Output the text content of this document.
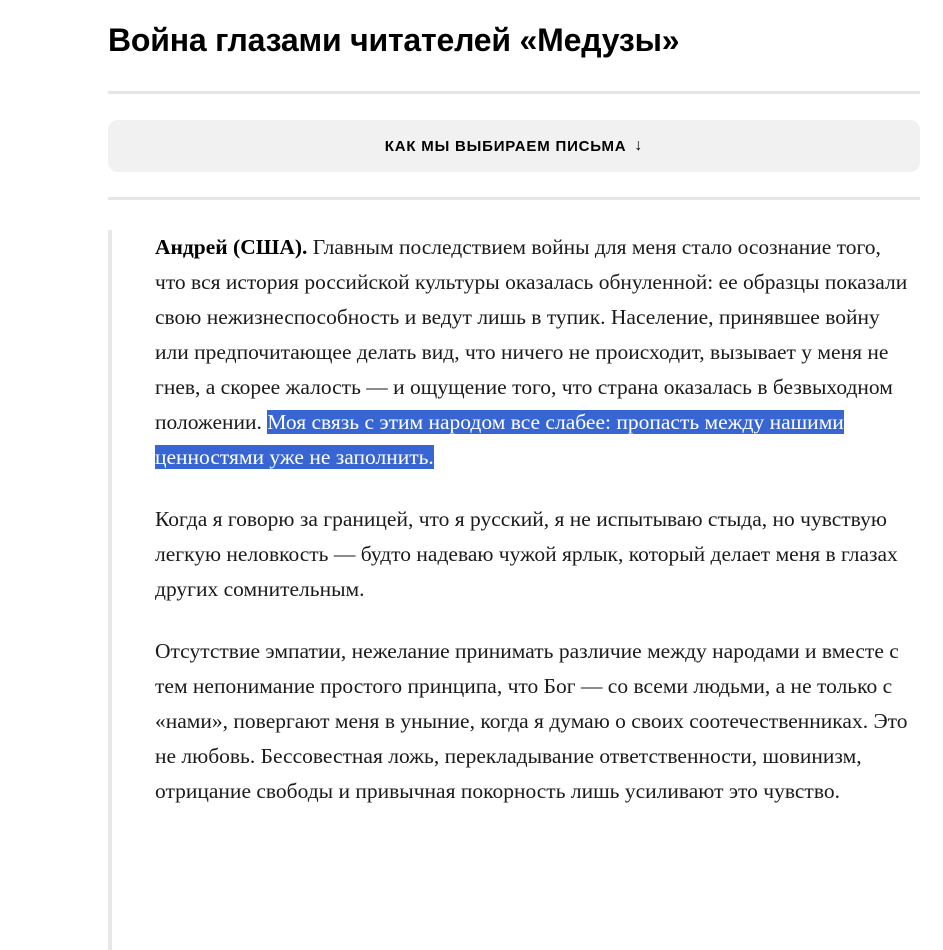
Война глазами читателей «Медузы»
КАК МЫ ВЫБИРАЕМ ПИСЬМА ↓

Андрей (США). Главным последствием войны для меня стало осознание того, что вся история российской культуры оказалась обнуленной: ее образцы показали свою нежизнеспособность и ведут лишь в тупик. Население, принявшее войну или предпочитающее делать вид, что ничего не происходит, вызывает у меня не гнев, а скорее жалость — и ощущение того, что страна оказалась в безвыходном положении. Моя связь с этим народом все слабее: пропасть между нашими ценностями уже не заполнить.

Когда я говорю за границей, что я русский, я не испытываю стыда, но чувствую легкую неловкость — будто надеваю чужой ярлык, который делает меня в глазах других сомнительным.

Отсутствие эмпатии, нежелание принимать различие между народами и вместе с тем непонимание простого принципа, что Бог — со всеми людьми, а не только с «нами», повергают меня в уныние, когда я думаю о своих соотечественниках. Это не любовь. Бессовестная ложь, перекладывание ответственности, шовинизм, отрицание свободы и привычная покорность лишь усиливают это чувство.
